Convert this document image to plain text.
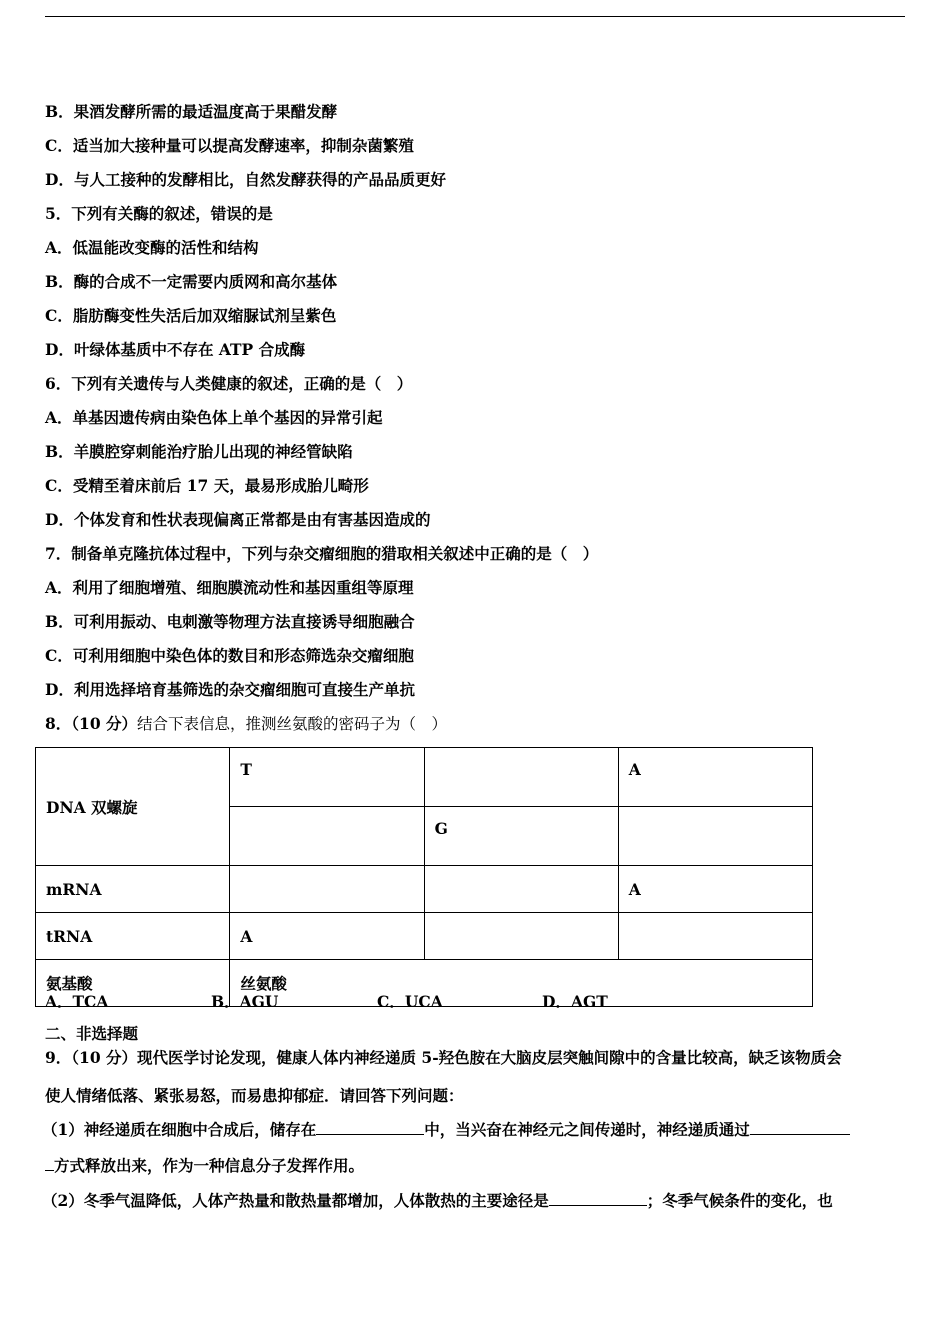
B．果酒发酵所需的最适温度高于果醋发酵
C．适当加大接种量可以提高发酵速率，抑制杂菌繁殖
D．与人工接种的发酵相比，自然发酵获得的产品品质更好
5．下列有关酶的叙述，错误的是
A．低温能改变酶的活性和结构
B．酶的合成不一定需要内质网和高尔基体
C．脂肪酶变性失活后加双缩脲试剂呈紫色
D．叶绿体基质中不存在 ATP 合成酶
6．下列有关遗传与人类健康的叙述，正确的是（　）
A．单基因遗传病由染色体上单个基因的异常引起
B．羊膜腔穿刺能治疗胎儿出现的神经管缺陷
C．受精至着床前后 17 天，最易形成胎儿畸形
D．个体发育和性状表现偏离正常都是由有害基因造成的
7．制备单克隆抗体过程中，下列与杂交瘤细胞的猎取相关叙述中正确的是（　）
A．利用了细胞增殖、细胞膜流动性和基因重组等原理
B．可利用振动、电刺激等物理方法直接诱导细胞融合
C．可利用细胞中染色体的数目和形态筛选杂交瘤细胞
D．利用选择培育基筛选的杂交瘤细胞可直接生产单抗
8．（10 分）结合下表信息，推测丝氨酸的密码子为（　）
DNA 双螺旋	T		A
		G	
mRNA			A
tRNA	A		
氨基酸	丝氨酸		
A．TCA	B．AGU	C．UCA	D．AGT
二、非选择题
9．（10 分）现代医学讨论发现，健康人体内神经递质 5-羟色胺在大脑皮层突触间隙中的含量比较高，缺乏该物质会
使人情绪低落、紧张易怒，而易患抑郁症．请回答下列问题：
（1）神经递质在细胞中合成后，储存在	中，当兴奋在神经元之间传递时，神经递质通过
方式释放出来，作为一种信息分子发挥作用。
（2）冬季气温降低，人体产热量和散热量都增加，人体散热的主要途径是	；冬季气候条件的变化，也
